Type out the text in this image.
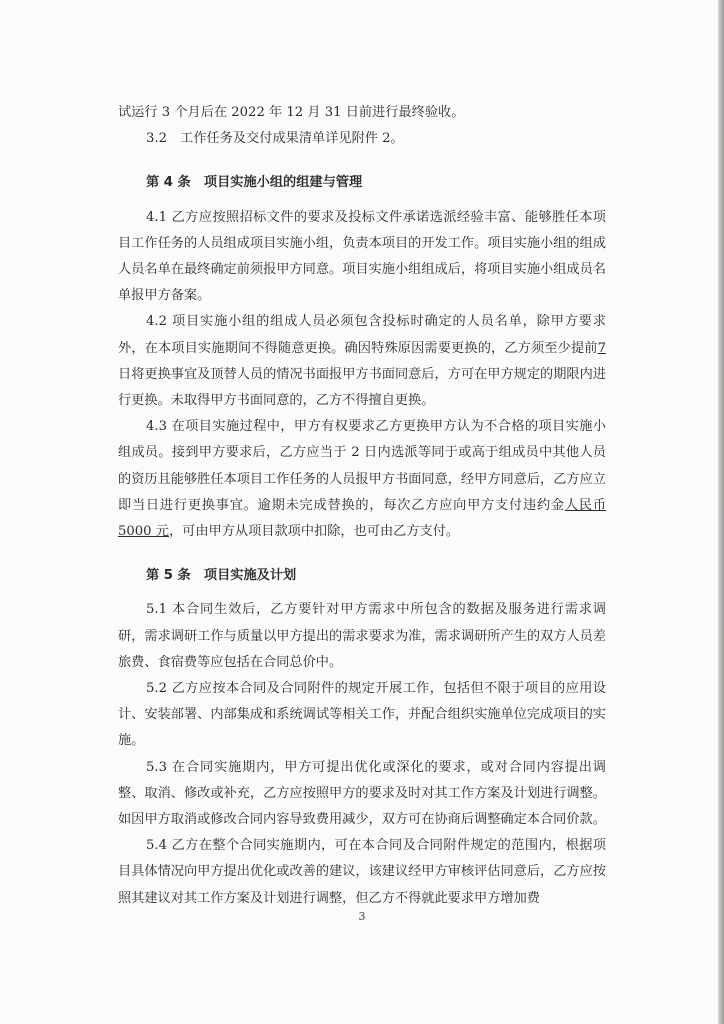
试运行 3 个月后在 2022 年 12 月 31 日前进行最终验收。

3.2　工作任务及交付成果清单详见附件 2。

第 4 条　项目实施小组的组建与管理

4.1 乙方应按照招标文件的要求及投标文件承诺选派经验丰富、能够胜任本项目工作任务的人员组成项目实施小组，负责本项目的开发工作。项目实施小组的组成人员名单在最终确定前须报甲方同意。项目实施小组组成后，将项目实施小组成员名单报甲方备案。

4.2 项目实施小组的组成人员必须包含投标时确定的人员名单，除甲方要求外，在本项目实施期间不得随意更换。确因特殊原因需要更换的，乙方须至少提前7日将更换事宜及顶替人员的情况书面报甲方书面同意后，方可在甲方规定的期限内进行更换。未取得甲方书面同意的，乙方不得擅自更换。

4.3 在项目实施过程中，甲方有权要求乙方更换甲方认为不合格的项目实施小组成员。接到甲方要求后，乙方应当于 2 日内选派等同于或高于组成员中其他人员的资历且能够胜任本项目工作任务的人员报甲方书面同意，经甲方同意后，乙方应立即当日进行更换事宜。逾期未完成替换的，每次乙方应向甲方支付违约金人民币 5000 元，可由甲方从项目款项中扣除，也可由乙方支付。

第 5 条　项目实施及计划

5.1 本合同生效后，乙方要针对甲方需求中所包含的数据及服务进行需求调研，需求调研工作与质量以甲方提出的需求要求为准，需求调研所产生的双方人员差旅费、食宿费等应包括在合同总价中。

5.2 乙方应按本合同及合同附件的规定开展工作，包括但不限于项目的应用设计、安装部署、内部集成和系统调试等相关工作，并配合组织实施单位完成项目的实施。

5.3 在合同实施期内，甲方可提出优化或深化的要求，或对合同内容提出调整、取消、修改或补充，乙方应按照甲方的要求及时对其工作方案及计划进行调整。如因甲方取消或修改合同内容导致费用减少，双方可在协商后调整确定本合同价款。

5.4 乙方在整个合同实施期内，可在本合同及合同附件规定的范围内，根据项目具体情况向甲方提出优化或改善的建议，该建议经甲方审核评估同意后，乙方应按照其建议对其工作方案及计划进行调整，但乙方不得就此要求甲方增加费

3
